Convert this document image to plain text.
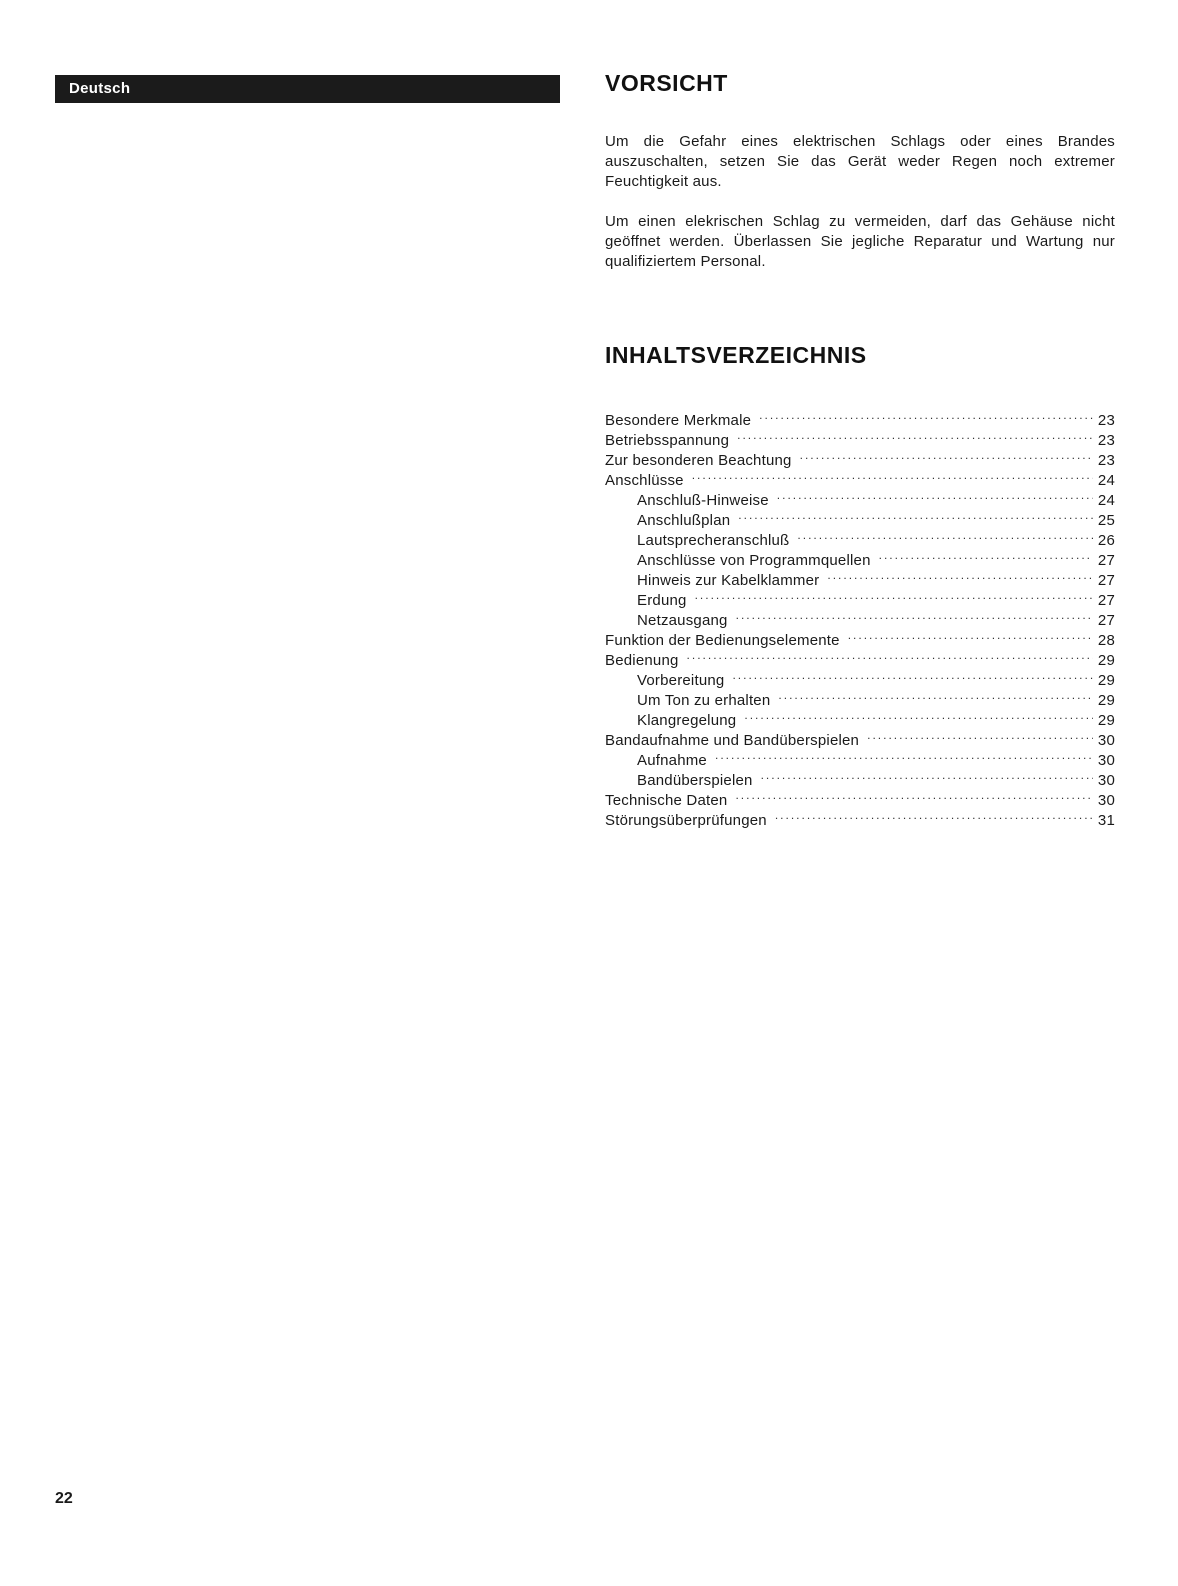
Deutsch	VORSICHT

Um die Gefahr eines elektrischen Schlags oder eines Brandes auszuschalten, setzen Sie das Gerät weder Regen noch extremer Feuchtigkeit aus.

Um einen elekrischen Schlag zu vermeiden, darf das Gehäuse nicht geöffnet werden. Überlassen Sie jegliche Reparatur und Wartung nur qualifiziertem Personal.

INHALTSVERZEICHNIS
Besondere Merkmale .....	23
Betriebsspannung .....	23
Zur besonderen Beachtung .....	23
Anschlüsse .....	24
Anschluß-Hinweise .....	24
Anschlußplan .....	25
Lautsprecheranschluß .....	26
Anschlüsse von Programmquellen .....	27
Hinweis zur Kabelklammer .....	27
Erdung .....	27
Netzausgang .....	27
Funktion der Bedienungselemente .....	28
Bedienung .....	29
Vorbereitung .....	29
Um Ton zu erhalten .....	29
Klangregelung .....	29
Bandaufnahme und Bandüberspielen .....	30
Aufnahme .....	30
Bandüberspielen .....	30
Technische Daten .....	30
Störungsüberprüfungen .....	31
22
